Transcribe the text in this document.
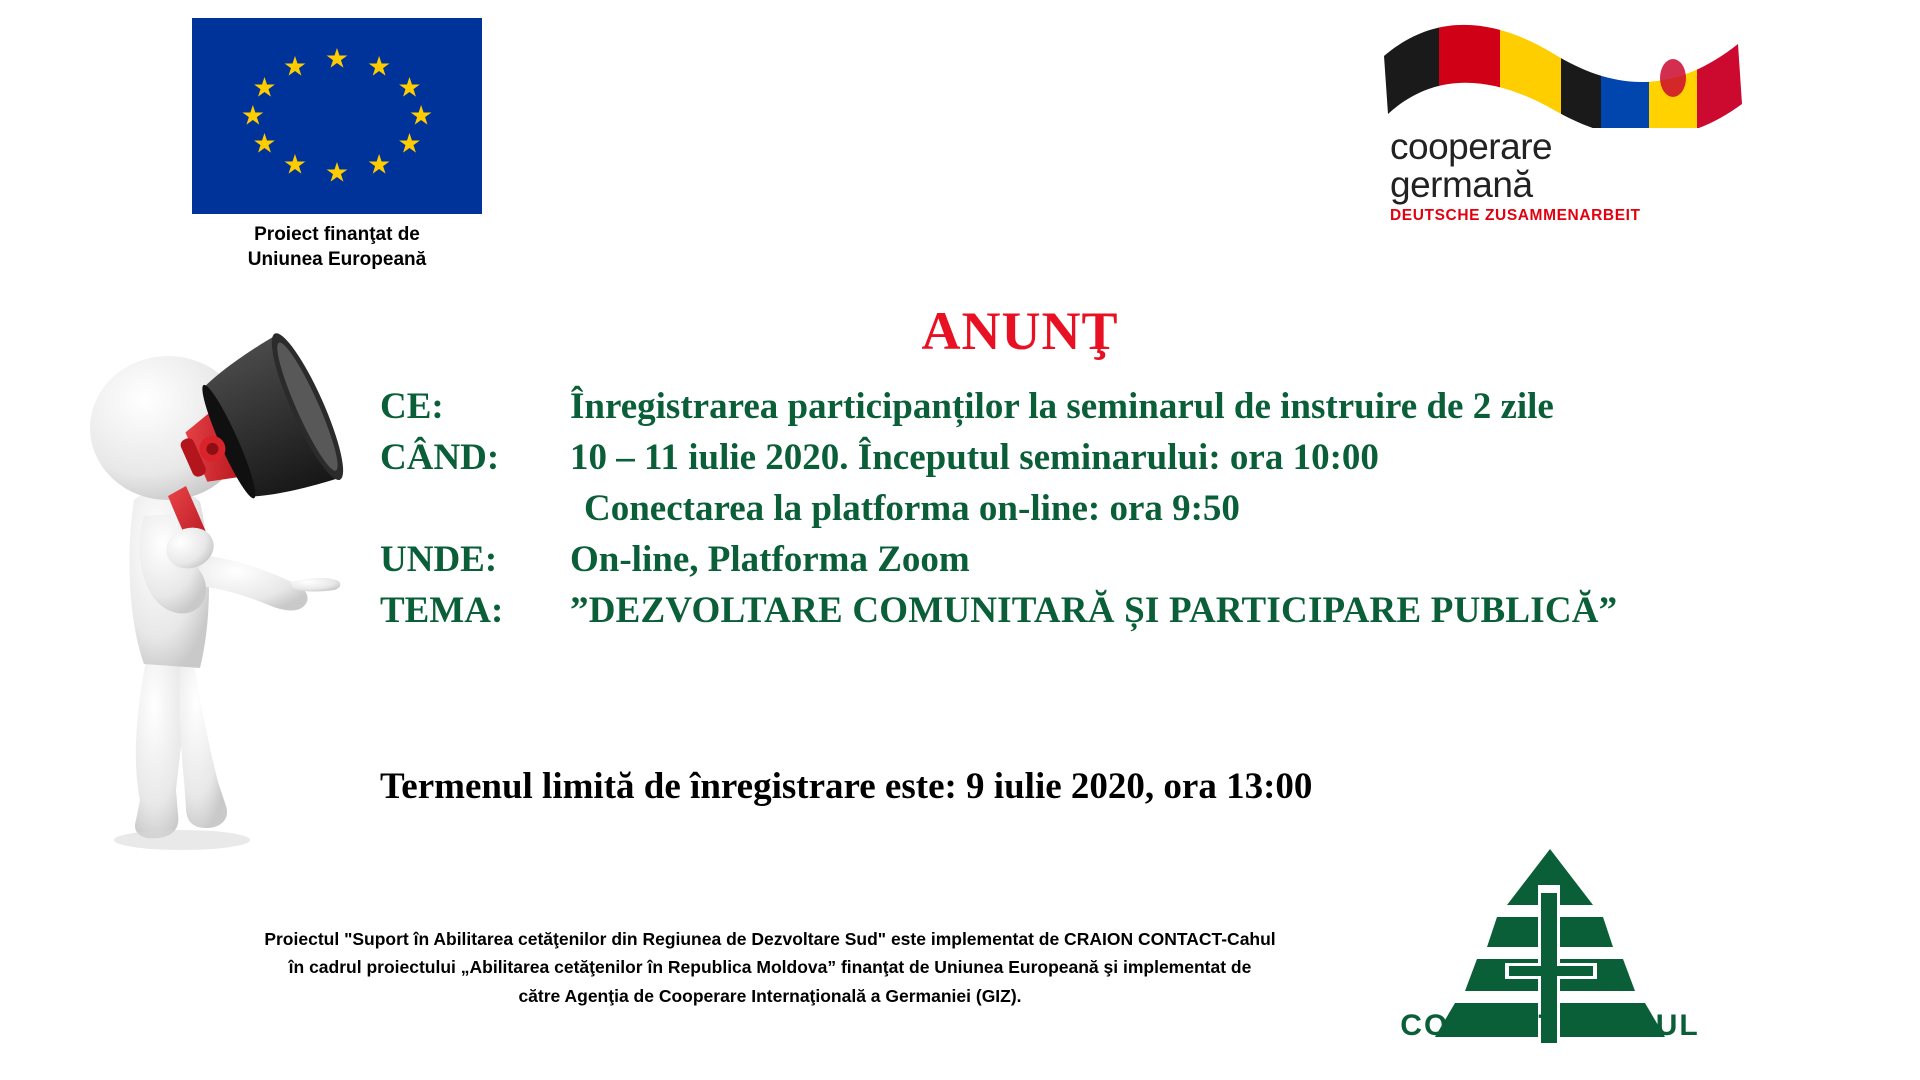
★ ★
★
★
★
★
★
★
★
★
★
★
Proiect finanţat de
Uniunea Europeană
cooperare
germană
DEUTSCHE ZUSAMMENARBEIT
ANUNŢ
CE:	Înregistrarea participanților la seminarul de instruire de 2 zile
CÂND:	10 – 11 iulie 2020. Începutul seminarului: ora 10:00
Conectarea la platforma on-line: ora 9:50
UNDE:	On-line, Platforma Zoom
TEMA:	”DEZVOLTARE COMUNITARĂ ȘI PARTICIPARE PUBLICĂ”
Termenul limită de înregistrare este: 9 iulie 2020, ora 13:00
Proiectul "Suport în Abilitarea cetăţenilor din Regiunea de Dezvoltare Sud" este implementat de CRAION CONTACT-Cahul
în cadrul proiectului „Abilitarea cetăţenilor în Republica Moldova” finanţat de Uniunea Europeană şi implementat de
către Agenţia de Cooperare Internaţională a Germaniei (GIZ).
CONTACT CAHUL
